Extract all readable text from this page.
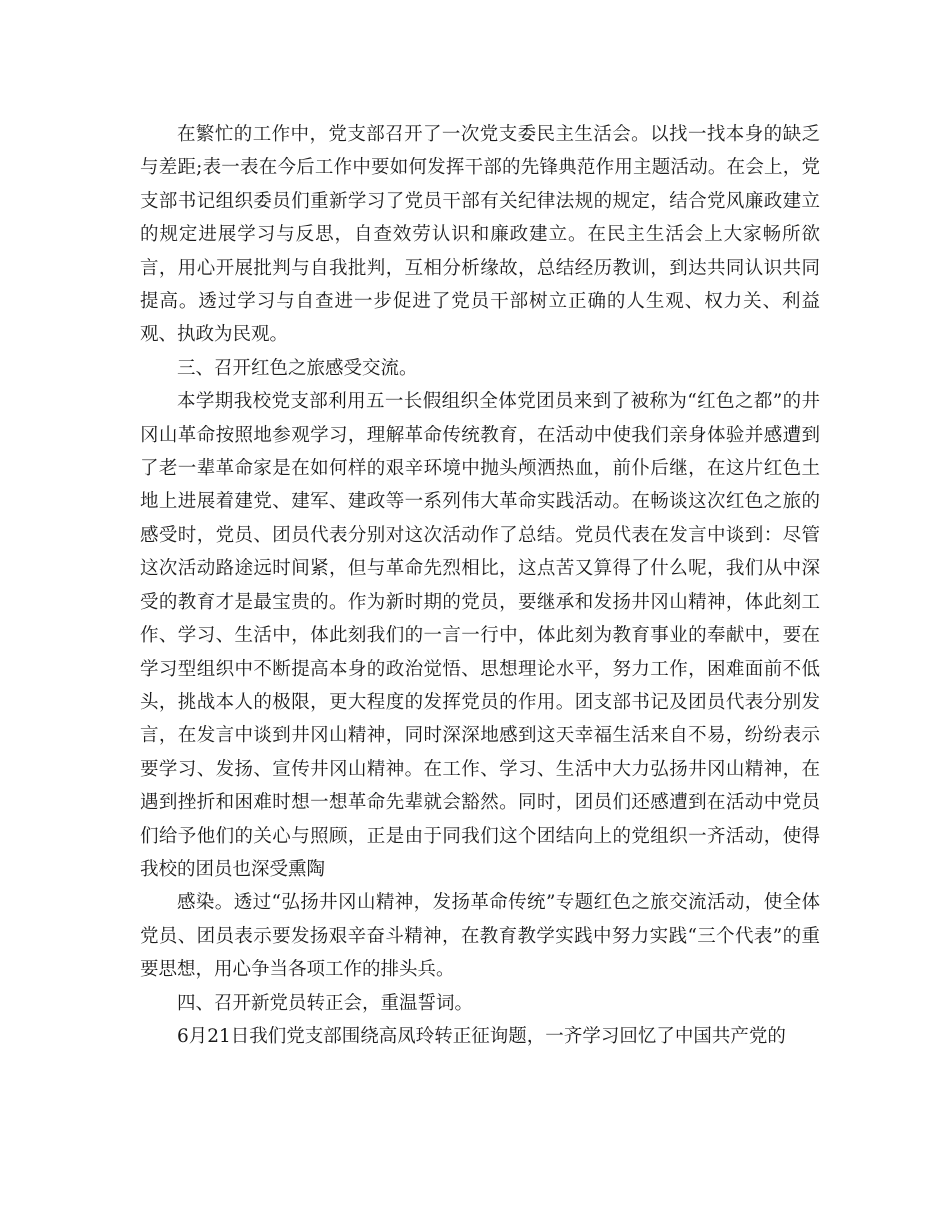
在繁忙的工作中，党支部召开了一次党支委民主生活会。以找一找本身的缺乏与差距;表一表在今后工作中要如何发挥干部的先锋典范作用主题活动。在会上，党支部书记组织委员们重新学习了党员干部有关纪律法规的规定，结合党风廉政建立的规定进展学习与反思，自查效劳认识和廉政建立。在民主生活会上大家畅所欲言，用心开展批判与自我批判，互相分析缘故，总结经历教训，到达共同认识共同提高。透过学习与自查进一步促进了党员干部树立正确的人生观、权力关、利益观、执政为民观。

三、召开红色之旅感受交流。

本学期我校党支部利用五一长假组织全体党团员来到了被称为“红色之都”的井冈山革命按照地参观学习，理解革命传统教育，在活动中使我们亲身体验并感遭到了老一辈革命家是在如何样的艰辛环境中抛头颅洒热血，前仆后继，在这片红色土地上进展着建党、建军、建政等一系列伟大革命实践活动。在畅谈这次红色之旅的感受时，党员、团员代表分别对这次活动作了总结。党员代表在发言中谈到：尽管这次活动路途远时间紧，但与革命先烈相比，这点苦又算得了什么呢，我们从中深受的教育才是最宝贵的。作为新时期的党员，要继承和发扬井冈山精神，体此刻工作、学习、生活中，体此刻我们的一言一行中，体此刻为教育事业的奉献中，要在学习型组织中不断提高本身的政治觉悟、思想理论水平，努力工作，困难面前不低头，挑战本人的极限，更大程度的发挥党员的作用。团支部书记及团员代表分别发言，在发言中谈到井冈山精神，同时深深地感到这天幸福生活来自不易，纷纷表示要学习、发扬、宣传井冈山精神。在工作、学习、生活中大力弘扬井冈山精神，在遇到挫折和困难时想一想革命先辈就会豁然。同时，团员们还感遭到在活动中党员们给予他们的关心与照顾，正是由于同我们这个团结向上的党组织一齐活动，使得我校的团员也深受熏陶

感染。透过“弘扬井冈山精神，发扬革命传统”专题红色之旅交流活动，使全体党员、团员表示要发扬艰辛奋斗精神，在教育教学实践中努力实践“三个代表”的重要思想，用心争当各项工作的排头兵。

四、召开新党员转正会，重温誓词。

6月21日我们党支部围绕高凤玲转正征询题，一齐学习回忆了中国共产党的
